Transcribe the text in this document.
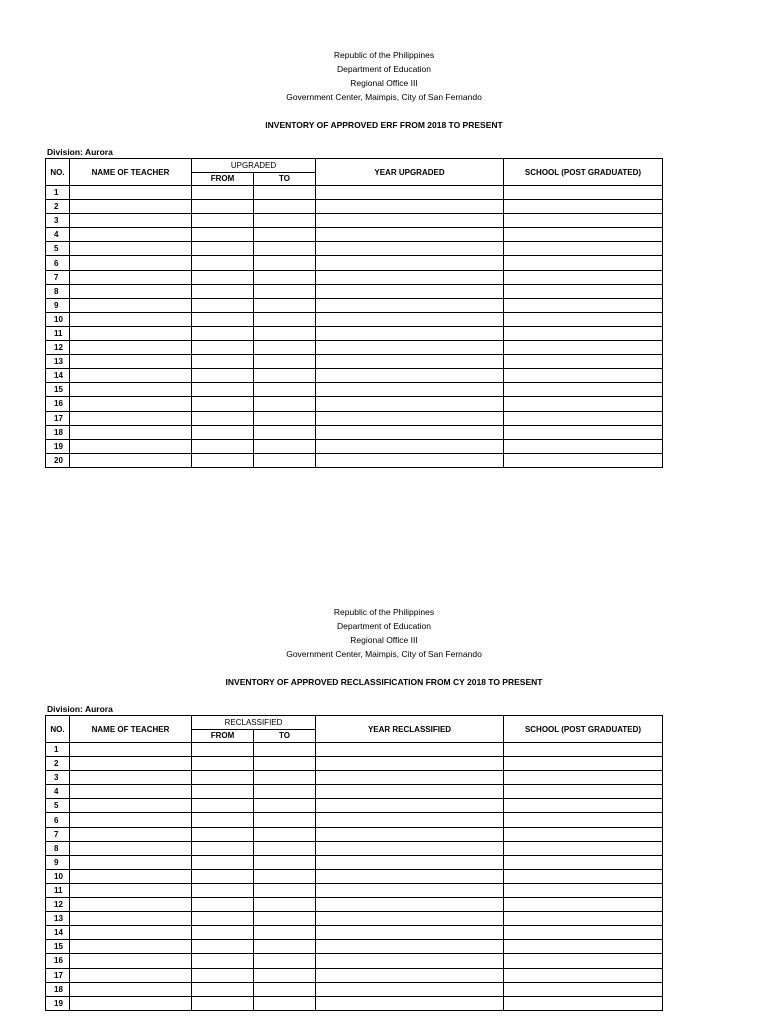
Republic of the Philippines
Department of Education
Regional Office III
Government Center, Maimpis, City of San Fernando
INVENTORY OF APPROVED ERF FROM 2018 TO PRESENT
Division: Aurora
NO.	NAME OF TEACHER	UPGRADED		YEAR UPGRADED	SCHOOL (POST GRADUATED)
		FROM	TO		
1					
2					
3					
4					
5					
6					
7					
8					
9					
10					
11					
12					
13					
14					
15					
16					
17					
18					
19					
20					
Republic of the Philippines
Department of Education
Regional Office III
Government Center, Maimpis, City of San Fernando
INVENTORY OF APPROVED RECLASSIFICATION FROM CY 2018 TO PRESENT
Division: Aurora
NO.	NAME OF TEACHER	RECLASSIFIED		YEAR RECLASSIFIED	SCHOOL (POST GRADUATED)
		FROM	TO		
1					
2					
3					
4					
5					
6					
7					
8					
9					
10					
11					
12					
13					
14					
15					
16					
17					
18					
19					
